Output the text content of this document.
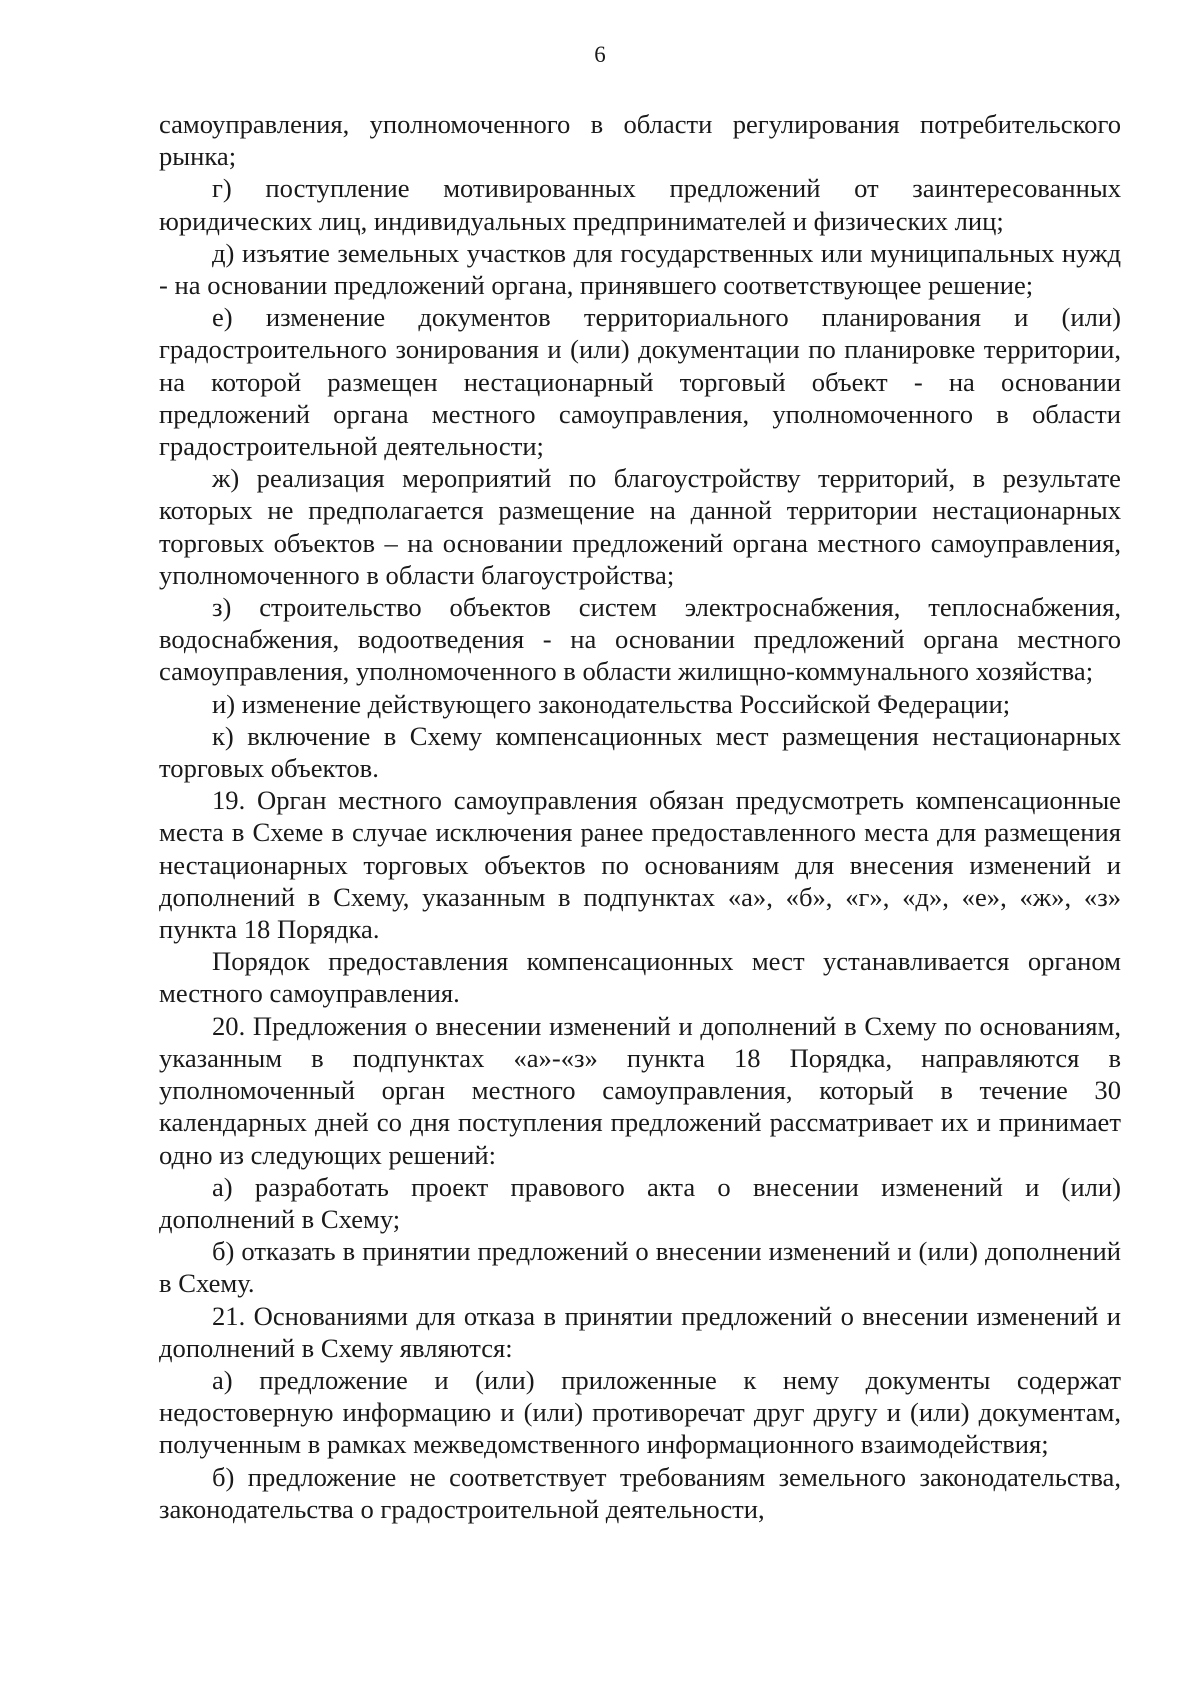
6

самоуправления, уполномоченного в области регулирования потребительского рынка;

г) поступление мотивированных предложений от заинтересованных юридических лиц, индивидуальных предпринимателей и физических лиц;

д) изъятие земельных участков для государственных или муниципальных нужд - на основании предложений органа, принявшего соответствующее решение;

е) изменение документов территориального планирования и (или) градостроительного зонирования и (или) документации по планировке территории, на которой размещен нестационарный торговый объект - на основании предложений органа местного самоуправления, уполномоченного в области градостроительной деятельности;

ж) реализация мероприятий по благоустройству территорий, в результате которых не предполагается размещение на данной территории нестационарных торговых объектов – на основании предложений органа местного самоуправления, уполномоченного в области благоустройства;

з) строительство объектов систем электроснабжения, теплоснабжения, водоснабжения, водоотведения - на основании предложений органа местного самоуправления, уполномоченного в области жилищно-коммунального хозяйства;

и) изменение действующего законодательства Российской Федерации;

к) включение в Схему компенсационных мест размещения нестационарных торговых объектов.

19. Орган местного самоуправления обязан предусмотреть компенсационные места в Схеме в случае исключения ранее предоставленного места для размещения нестационарных торговых объектов по основаниям для внесения изменений и дополнений в Схему, указанным в подпунктах «а», «б», «г», «д», «е», «ж», «з» пункта 18 Порядка.

Порядок предоставления компенсационных мест устанавливается органом местного самоуправления.

20. Предложения о внесении изменений и дополнений в Схему по основаниям, указанным в подпунктах «а»-«з» пункта 18 Порядка, направляются в уполномоченный орган местного самоуправления, который в течение 30 календарных дней со дня поступления предложений рассматривает их и принимает одно из следующих решений:

а) разработать проект правового акта о внесении изменений и (или) дополнений в Схему;

б) отказать в принятии предложений о внесении изменений и (или) дополнений в Схему.

21. Основаниями для отказа в принятии предложений о внесении изменений и дополнений в Схему являются:

а) предложение и (или) приложенные к нему документы содержат недостоверную информацию и (или) противоречат друг другу и (или) документам, полученным в рамках межведомственного информационного взаимодействия;

б) предложение не соответствует требованиям земельного законодательства, законодательства о градостроительной деятельности,
